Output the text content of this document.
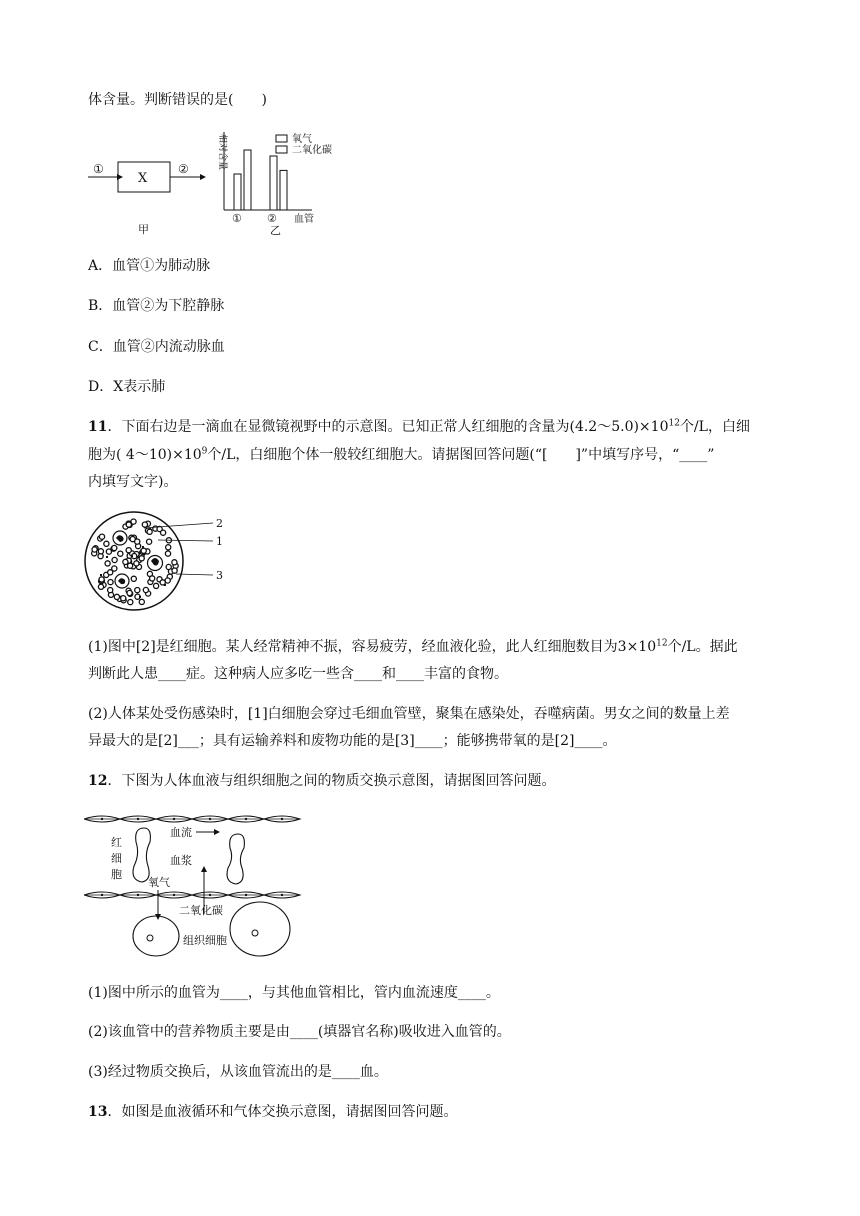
体含量。判断错误的是(　　)
①
X
②
甲
相对含量	氧气
二氧化碳
① ② 血管
乙
A．血管①为肺动脉
B．血管②为下腔静脉
C．血管②内流动脉血
D．X表示肺
11．下面右边是一滴血在显微镜视野中的示意图。已知正常人红细胞的含量为$(4.2\sim 5.0)\times 10^{12}$个/L，白细
胞为( $4\sim 10)\times 10^9$个/L，白细胞个体一般较红细胞大。请据图回答问题(“[　　]”中填写序号，“____”
内填写文字)。
2
1
3
(1)图中[2]是红细胞。某人经常精神不振，容易疲劳，经血液化验，此人红细胞数目为$3\times 10^{12}$个/L。据此
判断此人患____症。这种病人应多吃一些含____和____丰富的食物。
(2)人体某处受伤感染时，[1]白细胞会穿过毛细血管壁，聚集在感染处，吞噬病菌。男女之间的数量上差
异最大的是[2]___；具有运输养料和废物功能的是[3]____；能够携带氧的是[2]____。
12．下图为人体血液与组织细胞之间的物质交换示意图，请据图回答问题。
红
细
胞
血流
血浆
氧气
二氧化碳
组织细胞
(1)图中所示的血管为____，与其他血管相比，管内血流速度____。
(2)该血管中的营养物质主要是由____(填器官名称)吸收进入血管的。
(3)经过物质交换后，从该血管流出的是____血。
13．如图是血液循环和气体交换示意图，请据图回答问题。
